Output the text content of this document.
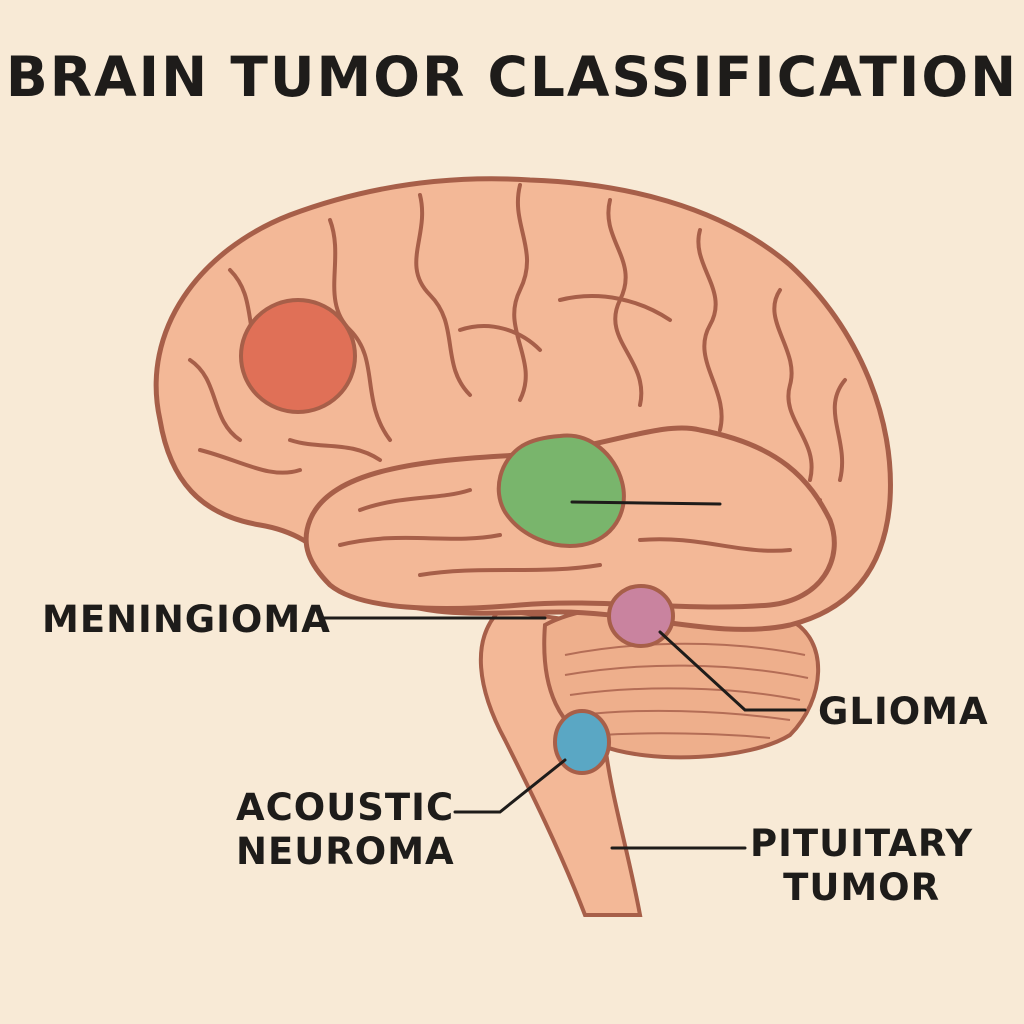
BRAIN TUMOR CLASSIFICATION
MENINGIOMA
GLIOMA
ACOUSTIC
NEUROMA	PITUITARY
TUMOR
